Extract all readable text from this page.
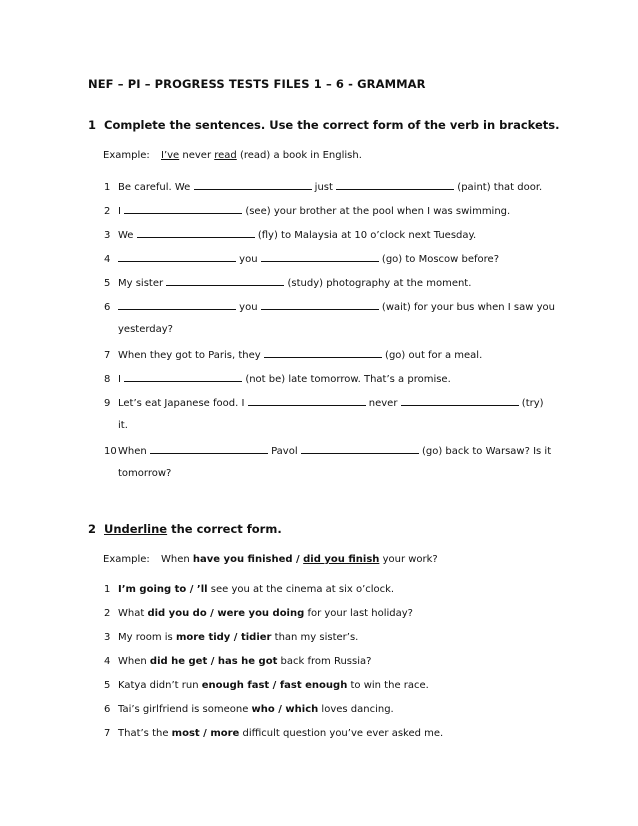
NEF – PI – PROGRESS TESTS FILES 1 – 6 - GRAMMAR
1 Complete the sentences. Use the correct form of the verb in brackets.
Example: I’ve never read (read) a book in English.
1 Be careful. We	just	(paint) that door.
2 I	(see) your brother at the pool when I was swimming.
3 We	(fly) to Malaysia at 10 o’clock next Tuesday.
4	you	(go) to Moscow before?
5 My sister	(study) photography at the moment.
6	you	(wait) for your bus when I saw you
yesterday?
7 When they got to Paris, they	(go) out for a meal.
8 I	(not be) late tomorrow. That’s a promise.
9 Let’s eat Japanese food. I	never	(try)
it.
10When	Pavol	(go) back to Warsaw? Is it
tomorrow?
2 Underline the correct form.
Example: When have you finished / did you finish your work?
1 I’m going to / ’ll see you at the cinema at six o’clock.
2 What did you do / were you doing for your last holiday?
3 My room is more tidy / tidier than my sister’s.
4 When did he get / has he got back from Russia?
5 Katya didn’t run enough fast / fast enough to win the race.
6 Tai’s girlfriend is someone who / which loves dancing.
7 That’s the most / more difficult question you’ve ever asked me.
